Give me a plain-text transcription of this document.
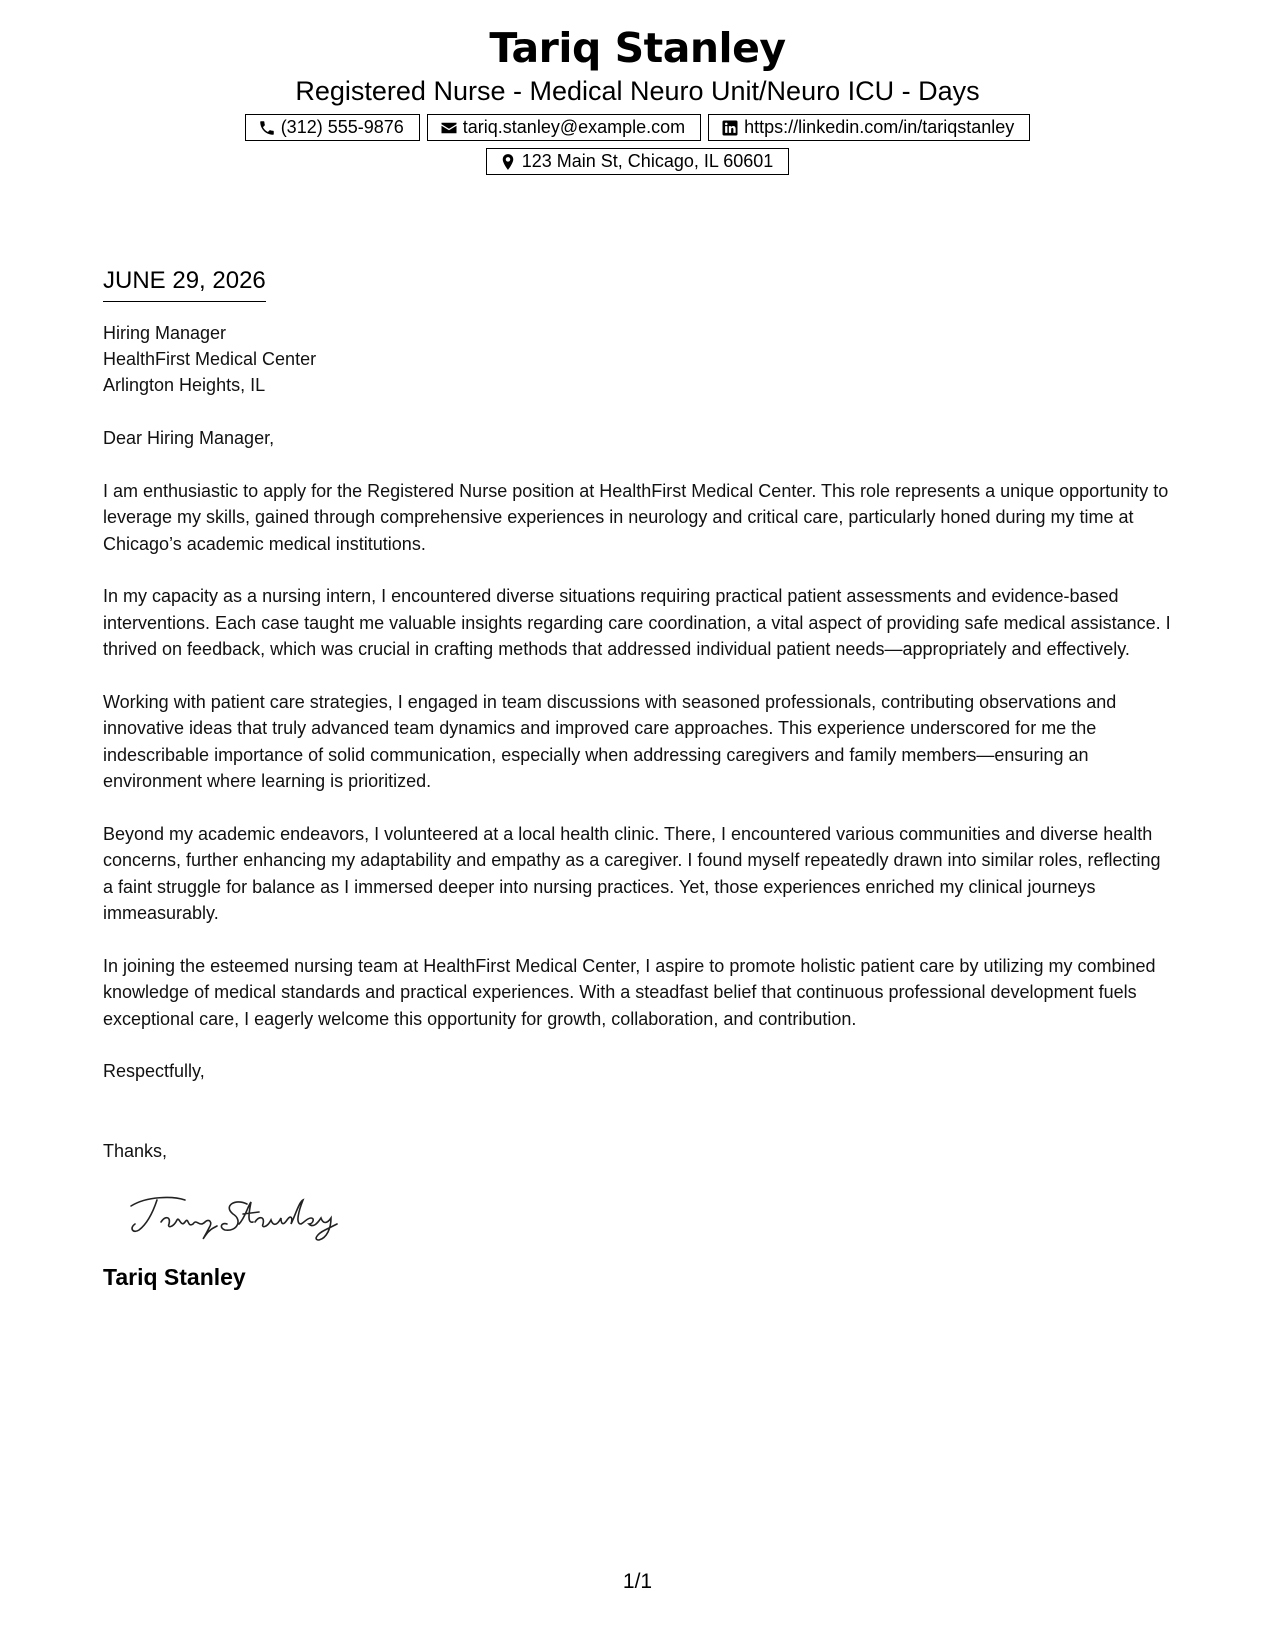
Tariq Stanley
Registered Nurse - Medical Neuro Unit/Neuro ICU - Days
(312) 555-9876	tariq.stanley@example.com	https://linkedin.com/in/tariqstanley
123 Main St, Chicago, IL 60601
JUNE 29, 2026
Hiring Manager
HealthFirst Medical Center
Arlington Heights, IL
Dear Hiring Manager,

I am enthusiastic to apply for the Registered Nurse position at HealthFirst Medical Center. This role represents a unique opportunity to leverage my skills, gained through comprehensive experiences in neurology and critical care, particularly honed during my time at Chicago’s academic medical institutions.

In my capacity as a nursing intern, I encountered diverse situations requiring practical patient assessments and evidence-based interventions. Each case taught me valuable insights regarding care coordination, a vital aspect of providing safe medical assistance. I thrived on feedback, which was crucial in crafting methods that addressed individual patient needs—appropriately and effectively.

Working with patient care strategies, I engaged in team discussions with seasoned professionals, contributing observations and innovative ideas that truly advanced team dynamics and improved care approaches. This experience underscored for me the indescribable importance of solid communication, especially when addressing caregivers and family members—ensuring an environment where learning is prioritized.

Beyond my academic endeavors, I volunteered at a local health clinic. There, I encountered various communities and diverse health concerns, further enhancing my adaptability and empathy as a caregiver. I found myself repeatedly drawn into similar roles, reflecting a faint struggle for balance as I immersed deeper into nursing practices. Yet, those experiences enriched my clinical journeys immeasurably.

In joining the esteemed nursing team at HealthFirst Medical Center, I aspire to promote holistic patient care by utilizing my combined knowledge of medical standards and practical experiences. With a steadfast belief that continuous professional development fuels exceptional care, I eagerly welcome this opportunity for growth, collaboration, and contribution.

Respectfully,
Thanks,
Tariq Stanley
1/1
